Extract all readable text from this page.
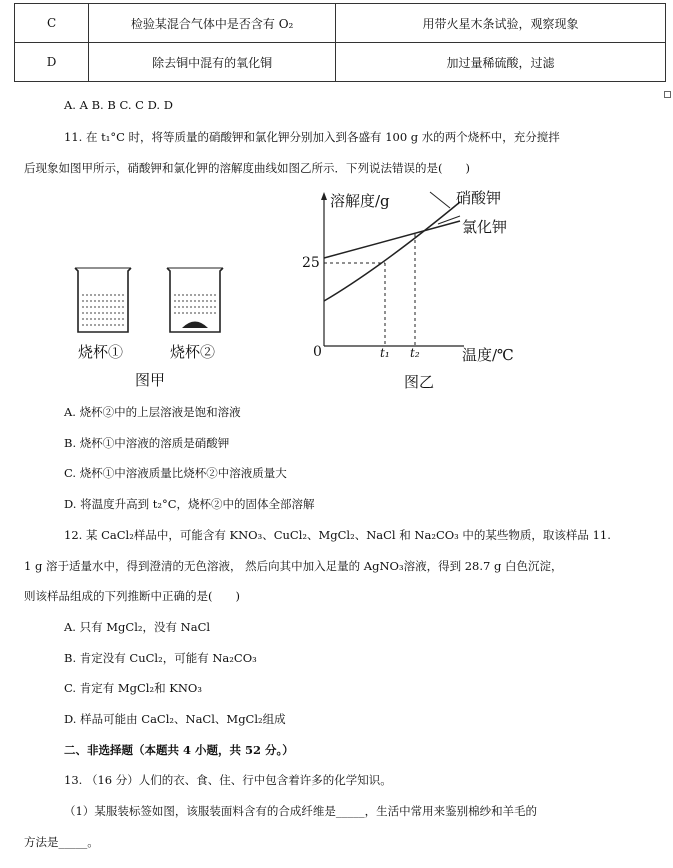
C	检验某混合气体中是否含有 O₂	用带火星木条试验，观察现象
D	除去铜中混有的氧化铜	加过量稀硫酸，过滤
A. A B. B C. C D. D
11. 在 t₁°C 时，将等质量的硝酸钾和氯化钾分别加入到各盛有 100 g 水的两个烧杯中，充分搅拌
后现象如图甲所示，硝酸钾和氯化钾的溶解度曲线如图乙所示．下列说法错误的是(　　)
烧杯①	烧杯②
图甲
溶解度/g
25
0	t₁ t₂	温度/℃
硝酸钾
氯化钾
图乙
A. 烧杯②中的上层溶液是饱和溶液
B. 烧杯①中溶液的溶质是硝酸钾
C. 烧杯①中溶液质量比烧杯②中溶液质量大
D. 将温度升高到 t₂°C，烧杯②中的固体全部溶解
12. 某 CaCl₂样品中，可能含有 KNO₃、CuCl₂、MgCl₂、NaCl 和 Na₂CO₃ 中的某些物质，取该样品 11.
1 g 溶于适量水中，得到澄清的无色溶液， 然后向其中加入足量的 AgNO₃溶液，得到 28.7 g 白色沉淀，
则该样品组成的下列推断中正确的是(　　)
A. 只有 MgCl₂，没有 NaCl
B. 肯定没有 CuCl₂，可能有 Na₂CO₃
C. 肯定有 MgCl₂和 KNO₃
D. 样品可能由 CaCl₂、NaCl、MgCl₂组成
二、非选择题（本题共 4 小题，共 52 分。）
13. （16 分）人们的衣、食、住、行中包含着许多的化学知识。
（1）某服装标签如图，该服装面料含有的合成纤维是_____，生活中常用来鉴别棉纱和羊毛的
方法是_____。
